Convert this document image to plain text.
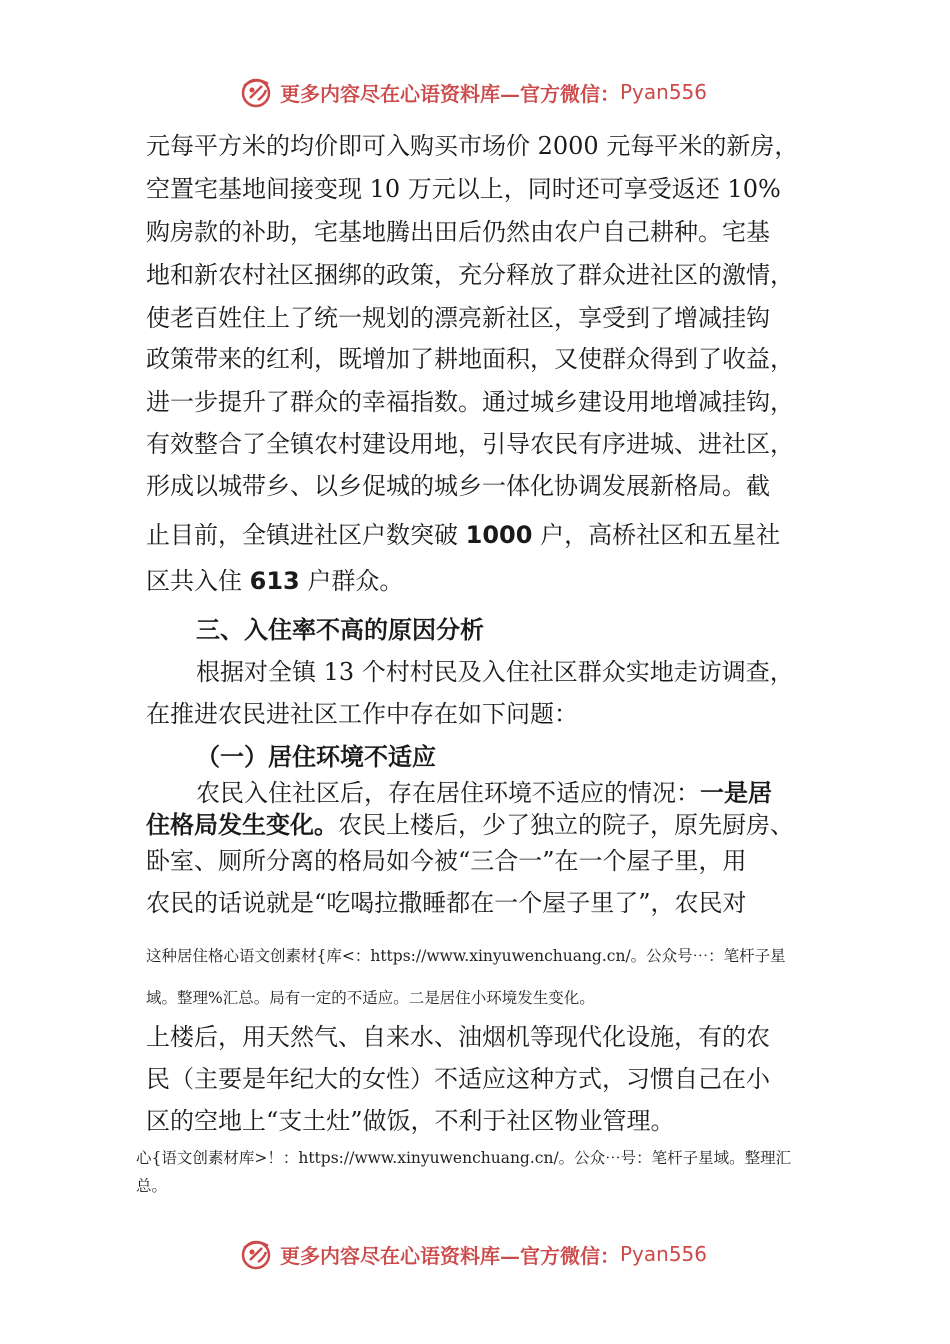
更多内容尽在心语资料库—官方微信： Pyan556
元每平方米的均价即可入购买市场价 2000 元每平米的新房，
空置宅基地间接变现 10 万元以上，同时还可享受返还 10%
购房款的补助，宅基地腾出田后仍然由农户自己耕种。宅基
地和新农村社区捆绑的政策，充分释放了群众进社区的激情，
使老百姓住上了统一规划的漂亮新社区，享受到了增减挂钩
政策带来的红利，既增加了耕地面积，又使群众得到了收益，
进一步提升了群众的幸福指数。通过城乡建设用地增减挂钩，
有效整合了全镇农村建设用地，引导农民有序进城、进社区，
形成以城带乡、以乡促城的城乡一体化协调发展新格局。截
止目前，全镇进社区户数突破 1000 户，高桥社区和五星社
区共入住 613 户群众。
三、入住率不高的原因分析
根据对全镇 13 个村村民及入住社区群众实地走访调查，
在推进农民进社区工作中存在如下问题：
（一）居住环境不适应
农民入住社区后，存在居住环境不适应的情况：一是居
住格局发生变化。农民上楼后，少了独立的院子，原先厨房、
卧室、厕所分离的格局如今被“三合一”在一个屋子里，用
农民的话说就是“吃喝拉撒睡都在一个屋子里了”，农民对
这种居住格心语文创素材{库<：https://www.xinyuwenchuang.cn/。公众号⋯：笔杆子星
域。整理%汇总。局有一定的不适应。二是居住小环境发生变化。
上楼后，用天然气、自来水、油烟机等现代化设施，有的农
民（主要是年纪大的女性）不适应这种方式，习惯自己在小
区的空地上“支土灶”做饭，不利于社区物业管理。
心{语文创素材库>！：https://www.xinyuwenchuang.cn/。公众⋯号：笔杆子星域。整理汇
总。
更多内容尽在心语资料库—官方微信： Pyan556
